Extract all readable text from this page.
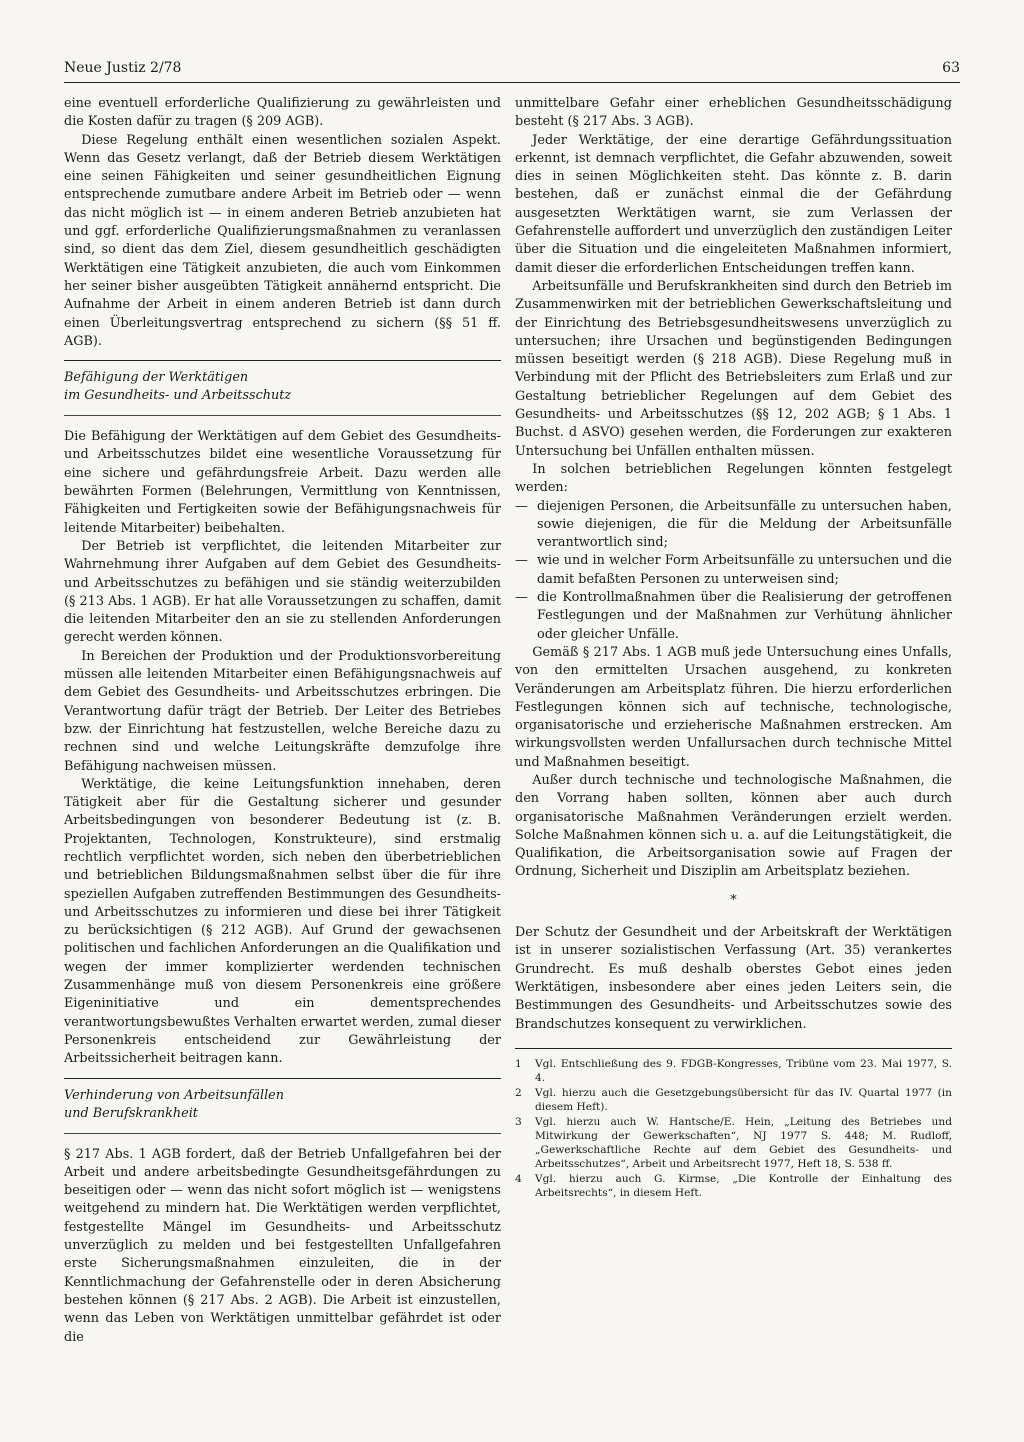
Neue Justiz 2/78	63

eine eventuell erforderliche Qualifizierung zu gewährleisten und die Kosten dafür zu tragen (§ 209 AGB).

Diese Regelung enthält einen wesentlichen sozialen Aspekt. Wenn das Gesetz verlangt, daß der Betrieb diesem Werktätigen eine seinen Fähigkeiten und seiner gesundheitlichen Eignung entsprechende zumutbare andere Arbeit im Betrieb oder — wenn das nicht möglich ist — in einem anderen Betrieb anzubieten hat und ggf. erforderliche Qualifizierungsmaßnahmen zu veranlassen sind, so dient das dem Ziel, diesem gesundheitlich geschädigten Werktätigen eine Tätigkeit anzubieten, die auch vom Einkommen her seiner bisher ausgeübten Tätigkeit annähernd entspricht. Die Aufnahme der Arbeit in einem anderen Betrieb ist dann durch einen Überleitungsvertrag entsprechend zu sichern (§§ 51 ff. AGB).

Befähigung der Werktätigen
im Gesundheits- und Arbeitsschutz

Die Befähigung der Werktätigen auf dem Gebiet des Gesundheits- und Arbeitsschutzes bildet eine wesentliche Voraussetzung für eine sichere und gefährdungsfreie Arbeit. Dazu werden alle bewährten Formen (Belehrungen, Vermittlung von Kenntnissen, Fähigkeiten und Fertigkeiten sowie der Befähigungsnachweis für leitende Mitarbeiter) beibehalten.

Der Betrieb ist verpflichtet, die leitenden Mitarbeiter zur Wahrnehmung ihrer Aufgaben auf dem Gebiet des Gesundheits- und Arbeitsschutzes zu befähigen und sie ständig weiterzubilden (§ 213 Abs. 1 AGB). Er hat alle Voraussetzungen zu schaffen, damit die leitenden Mitarbeiter den an sie zu stellenden Anforderungen gerecht werden können.

In Bereichen der Produktion und der Produktionsvorbereitung müssen alle leitenden Mitarbeiter einen Befähigungsnachweis auf dem Gebiet des Gesundheits- und Arbeitsschutzes erbringen. Die Verantwortung dafür trägt der Betrieb. Der Leiter des Betriebes bzw. der Einrichtung hat festzustellen, welche Bereiche dazu zu rechnen sind und welche Leitungskräfte demzufolge ihre Befähigung nachweisen müssen.

Werktätige, die keine Leitungsfunktion innehaben, deren Tätigkeit aber für die Gestaltung sicherer und gesunder Arbeitsbedingungen von besonderer Bedeutung ist (z. B. Projektanten, Technologen, Konstrukteure), sind erstmalig rechtlich verpflichtet worden, sich neben den überbetrieblichen und betrieblichen Bildungsmaßnahmen selbst über die für ihre speziellen Aufgaben zutreffenden Bestimmungen des Gesundheits- und Arbeitsschutzes zu informieren und diese bei ihrer Tätigkeit zu berücksichtigen (§ 212 AGB). Auf Grund der gewachsenen politischen und fachlichen Anforderungen an die Qualifikation und wegen der immer komplizierter werdenden technischen Zusammenhänge muß von diesem Personenkreis eine größere Eigeninitiative und ein dementsprechendes verantwortungsbewußtes Verhalten erwartet werden, zumal dieser Personenkreis entscheidend zur Gewährleistung der Arbeitssicherheit beitragen kann.

Verhinderung von Arbeitsunfällen
und Berufskrankheit

§ 217 Abs. 1 AGB fordert, daß der Betrieb Unfallgefahren bei der Arbeit und andere arbeitsbedingte Gesundheitsgefährdungen zu beseitigen oder — wenn das nicht sofort möglich ist — wenigstens weitgehend zu mindern hat. Die Werktätigen werden verpflichtet, festgestellte Mängel im Gesundheits- und Arbeitsschutz unverzüglich zu melden und bei festgestellten Unfallgefahren erste Sicherungsmaßnahmen einzuleiten, die in der Kenntlichmachung der Gefahrenstelle oder in deren Absicherung bestehen können (§ 217 Abs. 2 AGB). Die Arbeit ist einzustellen, wenn das Leben von Werktätigen unmittelbar gefährdet ist oder die

unmittelbare Gefahr einer erheblichen Gesundheitsschädigung besteht (§ 217 Abs. 3 AGB).

Jeder Werktätige, der eine derartige Gefährdungssituation erkennt, ist demnach verpflichtet, die Gefahr abzuwenden, soweit dies in seinen Möglichkeiten steht. Das könnte z. B. darin bestehen, daß er zunächst einmal die der Gefährdung ausgesetzten Werktätigen warnt, sie zum Verlassen der Gefahrenstelle auffordert und unverzüglich den zuständigen Leiter über die Situation und die eingeleiteten Maßnahmen informiert, damit dieser die erforderlichen Entscheidungen treffen kann.

Arbeitsunfälle und Berufskrankheiten sind durch den Betrieb im Zusammenwirken mit der betrieblichen Gewerkschaftsleitung und der Einrichtung des Betriebsgesundheitswesens unverzüglich zu untersuchen; ihre Ursachen und begünstigenden Bedingungen müssen beseitigt werden (§ 218 AGB). Diese Regelung muß in Verbindung mit der Pflicht des Betriebsleiters zum Erlaß und zur Gestaltung betrieblicher Regelungen auf dem Gebiet des Gesundheits- und Arbeitsschutzes (§§ 12, 202 AGB; § 1 Abs. 1 Buchst. d ASVO) gesehen werden, die Forderungen zur exakteren Untersuchung bei Unfällen enthalten müssen.

In solchen betrieblichen Regelungen könnten festgelegt werden:

— diejenigen Personen, die Arbeitsunfälle zu untersuchen haben, sowie diejenigen, die für die Meldung der Arbeitsunfälle verantwortlich sind;
— wie und in welcher Form Arbeitsunfälle zu untersuchen und die damit befaßten Personen zu unterweisen sind;
— die Kontrollmaßnahmen über die Realisierung der getroffenen Festlegungen und der Maßnahmen zur Verhütung ähnlicher oder gleicher Unfälle.

Gemäß § 217 Abs. 1 AGB muß jede Untersuchung eines Unfalls, von den ermittelten Ursachen ausgehend, zu konkreten Veränderungen am Arbeitsplatz führen. Die hierzu erforderlichen Festlegungen können sich auf technische, technologische, organisatorische und erzieherische Maßnahmen erstrecken. Am wirkungsvollsten werden Unfallursachen durch technische Mittel und Maßnahmen beseitigt.

Außer durch technische und technologische Maßnahmen, die den Vorrang haben sollten, können aber auch durch organisatorische Maßnahmen Veränderungen erzielt werden. Solche Maßnahmen können sich u. a. auf die Leitungstätigkeit, die Qualifikation, die Arbeitsorganisation sowie auf Fragen der Ordnung, Sicherheit und Disziplin am Arbeitsplatz beziehen.

*

Der Schutz der Gesundheit und der Arbeitskraft der Werktätigen ist in unserer sozialistischen Verfassung (Art. 35) verankertes Grundrecht. Es muß deshalb oberstes Gebot eines jeden Werktätigen, insbesondere aber eines jeden Leiters sein, die Bestimmungen des Gesundheits- und Arbeitsschutzes sowie des Brandschutzes konsequent zu verwirklichen.

1 Vgl. Entschließung des 9. FDGB-Kongresses, Tribüne vom 23. Mai 1977, S. 4.
2 Vgl. hierzu auch die Gesetzgebungsübersicht für das IV. Quartal 1977 (in diesem Heft).
3 Vgl. hierzu auch W. Hantsche/E. Hein, „Leitung des Betriebes und Mitwirkung der Gewerkschaften“, NJ 1977 S. 448; M. Rudloff, „Gewerkschaftliche Rechte auf dem Gebiet des Gesundheits- und Arbeitsschutzes“, Arbeit und Arbeitsrecht 1977, Heft 18, S. 538 ff.
4 Vgl. hierzu auch G. Kirmse, „Die Kontrolle der Einhaltung des Arbeitsrechts“, in diesem Heft.
